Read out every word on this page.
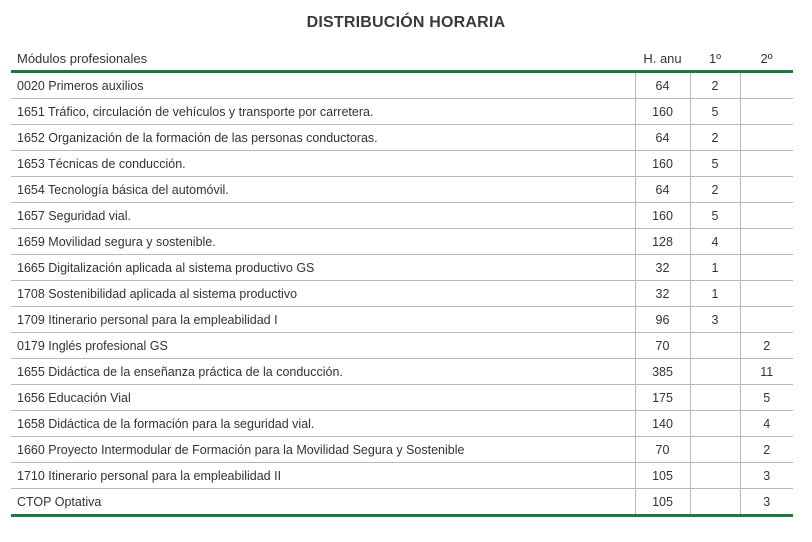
DISTRIBUCIÓN HORARIA
Módulos profesionales	H. anu	1º	2º
0020 Primeros auxilios	64	2	
1651 Tráfico, circulación de vehículos y transporte por carretera.	160	5	
1652 Organización de la formación de las personas conductoras.	64	2	
1653 Técnicas de conducción.	160	5	
1654 Tecnología básica del automóvil.	64	2	
1657 Seguridad vial.	160	5	
1659 Movilidad segura y sostenible.	128	4	
1665 Digitalización aplicada al sistema productivo GS	32	1	
1708 Sostenibilidad aplicada al sistema productivo	32	1	
1709 Itinerario personal para la empleabilidad I	96	3	
0179 Inglés profesional GS	70		2
1655 Didáctica de la enseñanza práctica de la conducción.	385		11
1656 Educación Vial	175		5
1658 Didáctica de la formación para la seguridad vial.	140		4
1660 Proyecto Intermodular de Formación para la Movilidad Segura y Sostenible	70		2
1710 Itinerario personal para la empleabilidad II	105		3
CTOP Optativa	105		3
